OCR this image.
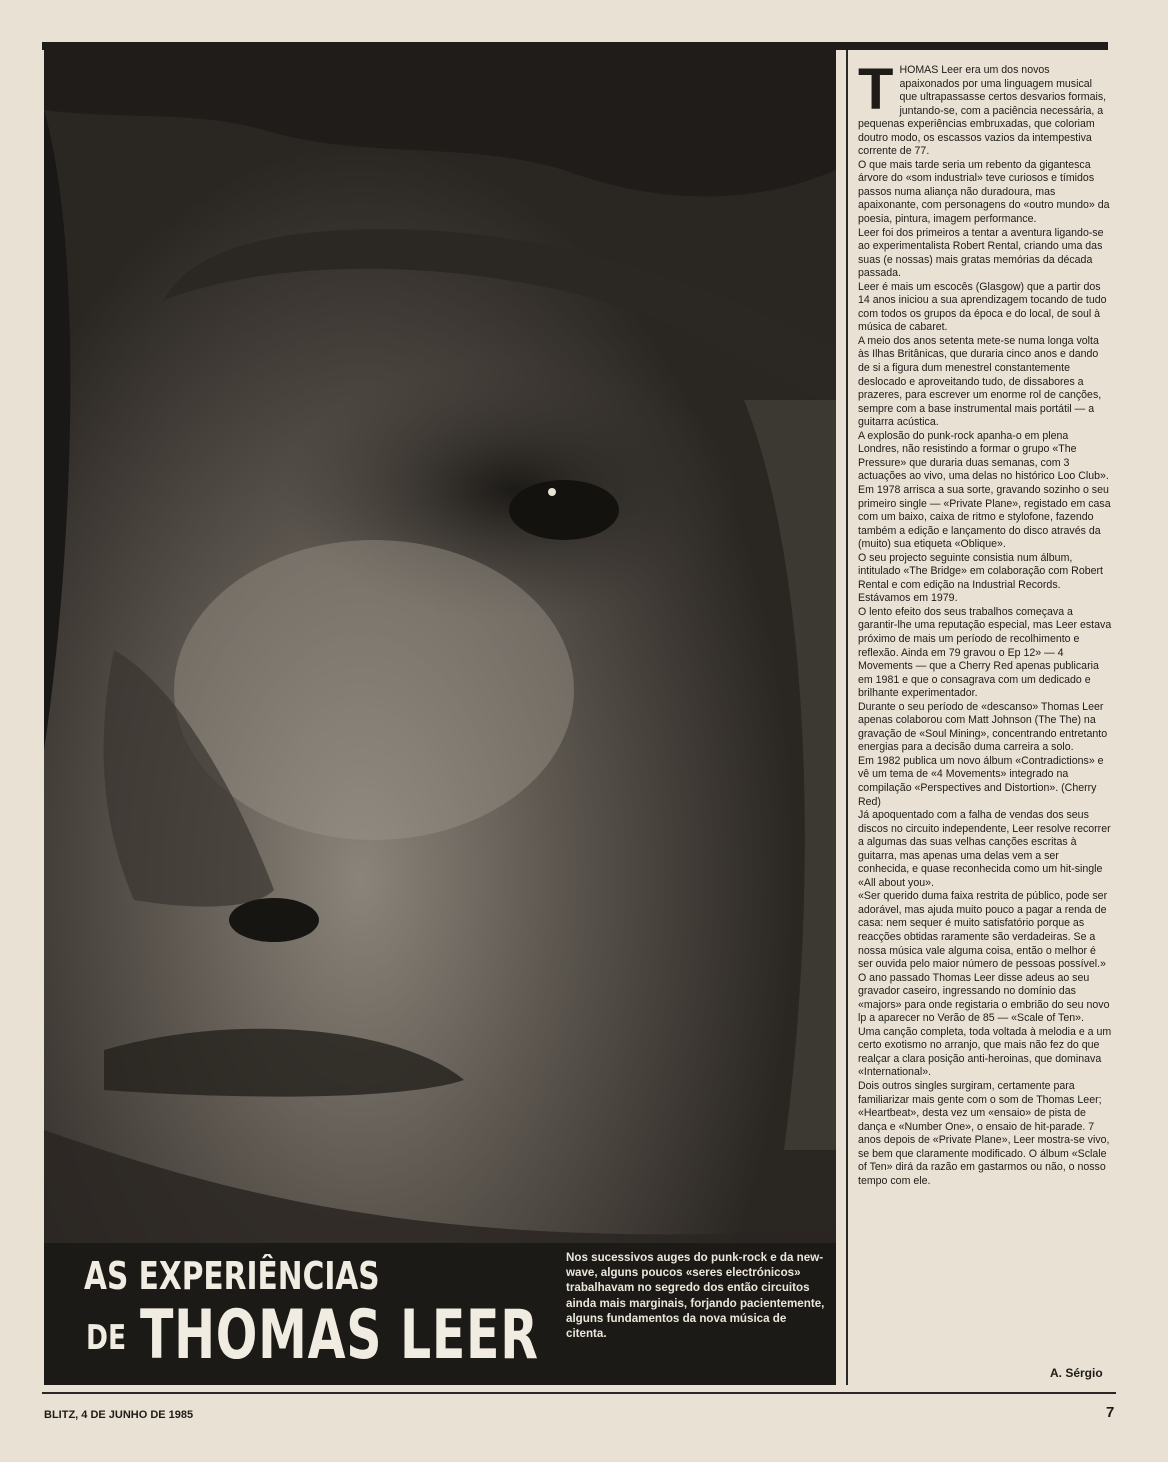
AS EXPERIÊNCIAS
DE THOMAS LEER
Nos sucessivos auges do punk-rock e da new-wave, alguns poucos «seres electrónicos» trabalhavam no segredo dos então circuitos ainda mais marginais, forjando pacientemente, alguns fundamentos da nova música de citenta.

THOMAS Leer era um dos novos apaixonados por uma linguagem musical que ultrapassasse certos desvarios formais, juntando-se, com a paciência necessária, a pequenas experiências embruxadas, que coloriam doutro modo, os escassos vazios da intempestiva corrente de 77.

O que mais tarde seria um rebento da gigantesca árvore do «som industrial» teve curiosos e tímidos passos numa aliança não duradoura, mas apaixonante, com personagens do «outro mundo» da poesia, pintura, imagem performance.

Leer foi dos primeiros a tentar a aventura ligando-se ao experimentalista Robert Rental, criando uma das suas (e nossas) mais gratas memórias da década passada.

Leer é mais um escocês (Glasgow) que a partir dos 14 anos iniciou a sua aprendizagem tocando de tudo com todos os grupos da época e do local, de soul à música de cabaret.

A meio dos anos setenta mete-se numa longa volta às Ilhas Britânicas, que duraria cinco anos e dando de si a figura dum menestrel constantemente deslocado e aproveitando tudo, de dissabores a prazeres, para escrever um enorme rol de canções, sempre com a base instrumental mais portátil — a guitarra acústica.

A explosão do punk-rock apanha-o em plena Londres, não resistindo a formar o grupo «The Pressure» que duraria duas semanas, com 3 actuações ao vivo, uma delas no histórico Loo Club».

Em 1978 arrisca a sua sorte, gravando sozinho o seu primeiro single — «Private Plane», registado em casa com um baixo, caixa de ritmo e stylofone, fazendo também a edição e lançamento do disco através da (muito) sua etiqueta «Oblique».

O seu projecto seguinte consistia num álbum, intitulado «The Bridge» em colaboração com Robert Rental e com edição na Industrial Records. Estávamos em 1979.

O lento efeito dos seus trabalhos começava a garantir-lhe uma reputação especial, mas Leer estava próximo de mais um período de recolhimento e reflexão. Ainda em 79 gravou o Ep 12» — 4 Movements — que a Cherry Red apenas publicaria em 1981 e que o consagrava com um dedicado e brilhante experimentador.

Durante o seu período de «descanso» Thomas Leer apenas colaborou com Matt Johnson (The The) na gravação de «Soul Mining», concentrando entretanto energias para a decisão duma carreira a solo.

Em 1982 publica um novo álbum «Contradictions» e vê um tema de «4 Movements» integrado na compilação «Perspectives and Distortion». (Cherry Red)

Já apoquentado com a falha de vendas dos seus discos no circuito independente, Leer resolve recorrer a algumas das suas velhas canções escritas à guitarra, mas apenas uma delas vem a ser conhecida, e quase reconhecida como um hit-single «All about you».

«Ser querido duma faixa restrita de público, pode ser adorável, mas ajuda muito pouco a pagar a renda de casa: nem sequer é muito satisfatório porque as reacções obtidas raramente são verdadeiras. Se a nossa música vale alguma coisa, então o melhor é ser ouvida pelo maior número de pessoas possível.»

O ano passado Thomas Leer disse adeus ao seu gravador caseiro, ingressando no domínio das «majors» para onde registaria o embrião do seu novo lp a aparecer no Verão de 85 — «Scale of Ten».

Uma canção completa, toda voltada à melodia e a um certo exotismo no arranjo, que mais não fez do que realçar a clara posição anti-heroinas, que dominava «International».

Dois outros singles surgiram, certamente para familiarizar mais gente com o som de Thomas Leer; «Heartbeat», desta vez um «ensaio» de pista de dança e «Number One», o ensaio de hit-parade. 7 anos depois de «Private Plane», Leer mostra-se vivo, se bem que claramente modificado. O álbum «Sclale of Ten» dirá da razão em gastarmos ou não, o nosso tempo com ele.

A. Sérgio
BLITZ, 4 DE JUNHO DE 1985	7
